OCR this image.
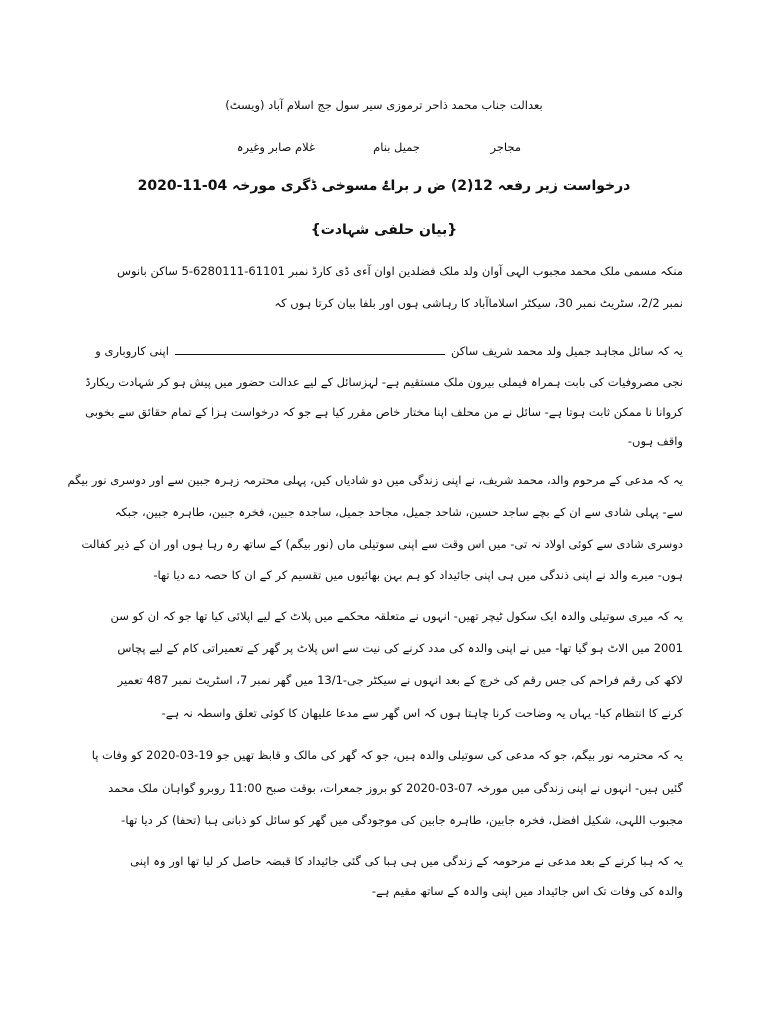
بعدالت جناب محمد ذاحر ترموزی سیر سول جج اسلام آباد (ویسٹ)
مجاجر
جمیل بنام
غلام صابر وغیرہ
درخواست زیر رفعہ 12(2) ض ر براۓ مسوخی ڈگری مورخہ 04-11-2020
{بیان حلفی شہادت}
منکہ مسمی ملک محمد مجبوب الہی آوان ولد ملک فضلدین اوان آءی ڈی کارڈ نمبر 61101-6280111-5 ساکن بانوس
نمبر 2/2، سٹریٹ نمبر 30، سیکٹر اسلاماآباد کا رہاشی ہوں اور بلفا بیان کرتا ہوں کہ
یہ کہ سائل مجاہد جمیل ولد محمد شریف ساکناپنی کاروباری و
نجی مصروفیات کی بابت ہمراہ فیملی بیرون ملک مستقیم ہے- لہزسائل کے لیے عدالت حضور میں پیش ہو کر شہادت ریکارڈ
کروانا نا ممکن ثابت ہوتا ہے- سائل نے من محلف اپنا مختار خاص مقرر کیا ہے جو کہ درخواست ہزا کے تمام حقائق سے بخوبی
واقف ہوں-
یہ کہ مدعی کے مرحوم والد، محمد شریف، نے اپنی زندگی میں دو شادیاں کیں، پہلی محترمہ زہرہ جبین سے اور دوسری نور بیگم
سے- پہلی شادی سے ان کے بچے ساجد حسین، شاحد جمیل، مجاحد جمیل، ساجدہ جبین، فخرہ جبین، طاہرہ جبین، جبکہ
دوسری شادی سے کوئی اولاد نہ تی- میں اس وقت سے اپنی سوتیلی ماں (نور بیگم) کے ساتھ رہ رہا ہوں اور ان کے ذیر کفالت
ہوں- میرے والد نے اپنی ذندگی میں ہی اپنی جائیداد کو ہم بہن بھائیوں میں تقسیم کر کے ان کا حصہ دے دیا تھا-
یہ کہ میری سوتیلی والدہ ایک سکول ٹیچر تھیں- انہوں نے متعلقہ محکمے میں پلاٹ کے لیے اپلائی کیا تھا جو کہ ان کو سن
2001 میں الاٹ ہو گیا تھا- میں نے اپنی والدہ کی مدد کرنے کی نیت سے اس پلاٹ پر گھر کے تعمیراتی کام کے لیے پچاس
لاکھ کی رقم فراحم کی جس رقم کی خرچ کے بعد انہوں نے سیکٹر جی-13/1 میں گھر نمبر 7، اسٹریٹ نمبر 487 تعمیر
کرنے کا انتظام کیا- یہاں یہ وضاحت کرنا چاہتا ہوں کہ اس گھر سے مدعا علیھان کا کوئی تعلق واسطہ نہ ہے-
یہ کہ محترمہ نور بیگم، جو کہ مدعی کی سوتیلی والدہ ہیں، جو کہ گھر کی مالک و قابظ تھیں جو 19-03-2020 کو وفات پا
گئیں ہیں- انہوں نے اپنی زندگی میں مورخہ 07-03-2020 کو بروز جمعرات، بوقت صبح 11:00 روبرو گواہان ملک محمد
مجبوب اللہی، شکیل افضل، فخرہ جابین، طاہرہ جابین کی موجودگی میں گھر کو سائل کو ذبانی ہبا (تحفا) کر دیا تھا-
یہ کہ ہبا کرنے کے بعد مدعی نے مرحومہ کے زندگی میں ہی ہبا کی گئی جائیداد کا قبضہ حاصل کر لیا تھا اور وہ اپنی
والدہ کی وفات تک اس جائیداد میں اپنی والدہ کے ساتھ مقیم ہے-
